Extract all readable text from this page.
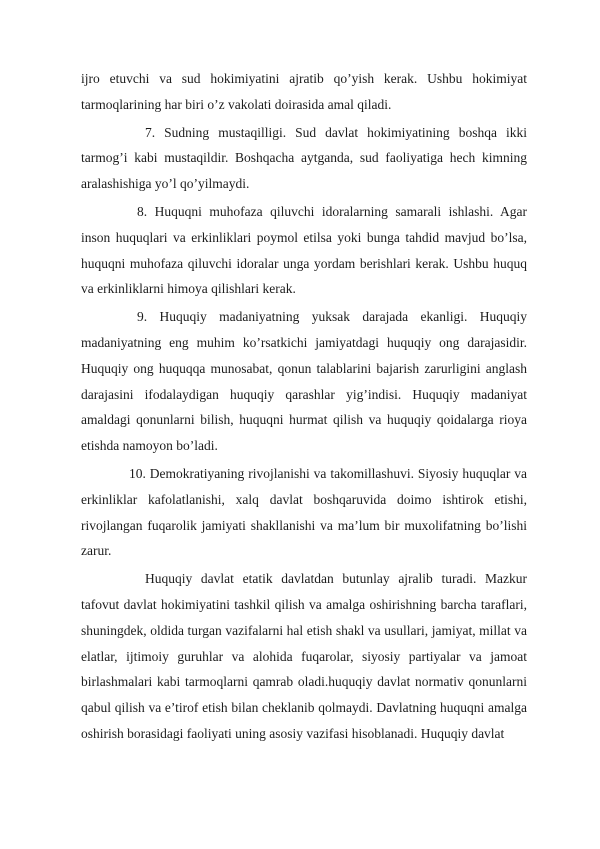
ijro etuvchi va sud hokimiyatini ajratib qo’yish kerak. Ushbu hokimiyat tarmoqlarining har biri o’z vakolati doirasida amal qiladi.

7. Sudning mustaqilligi. Sud davlat hokimiyatining boshqa ikki tarmog’i kabi mustaqildir. Boshqacha aytganda, sud faoliyatiga hech kimning aralashishiga yo’l qo’yilmaydi.

8. Huquqni muhofaza qiluvchi idoralarning samarali ishlashi. Agar inson huquqlari va erkinliklari poymol etilsa yoki bunga tahdid mavjud bo’lsa, huquqni muhofaza qiluvchi idoralar unga yordam berishlari kerak. Ushbu huquq va erkinliklarni himoya qilishlari kerak.

9. Huquqiy madaniyatning yuksak darajada ekanligi. Huquqiy madaniyatning eng muhim ko’rsatkichi jamiyatdagi huquqiy ong darajasidir. Huquqiy ong huquqqa munosabat, qonun talablarini bajarish zarurligini anglash darajasini ifodalaydigan huquqiy qarashlar yig’indisi. Huquqiy madaniyat amaldagi qonunlarni bilish, huquqni hurmat qilish va huquqiy qoidalarga rioya etishda namoyon bo’ladi.

10. Demokratiyaning rivojlanishi va takomillashuvi. Siyosiy huquqlar va erkinliklar kafolatlanishi, xalq davlat boshqaruvida doimo ishtirok etishi, rivojlangan fuqarolik jamiyati shakllanishi va ma’lum bir muxolifatning bo’lishi zarur.

Huquqiy davlat etatik davlatdan butunlay ajralib turadi. Mazkur tafovut davlat hokimiyatini tashkil qilish va amalga oshirishning barcha taraflari, shuningdek, oldida turgan vazifalarni hal etish shakl va usullari, jamiyat, millat va elatlar, ijtimoiy guruhlar va alohida fuqarolar, siyosiy partiyalar va jamoat birlashmalari kabi tarmoqlarni qamrab oladi.huquqiy davlat normativ qonunlarni qabul qilish va e’tirof etish bilan cheklanib qolmaydi. Davlatning huquqni amalga oshirish borasidagi faoliyati uning asosiy vazifasi hisoblanadi. Huquqiy davlat
